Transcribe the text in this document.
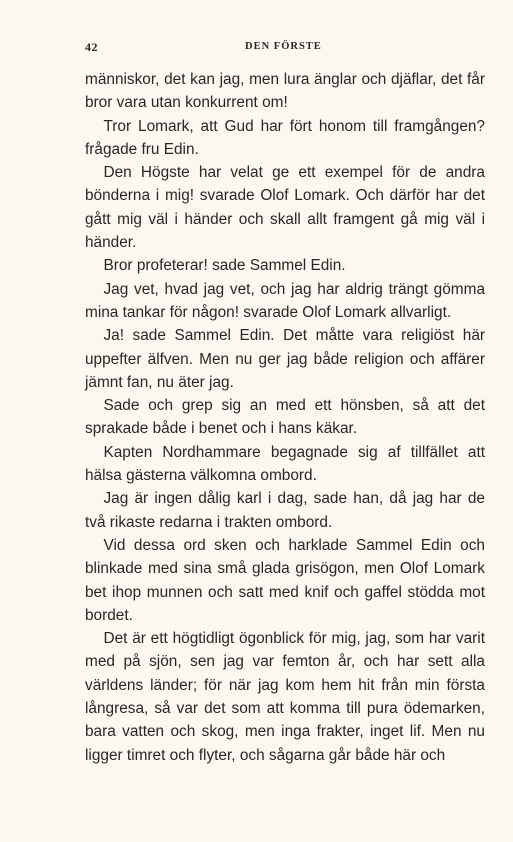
42	DEN FÖRSTE

människor, det kan jag, men lura änglar och djäflar, det får bror vara utan konkurrent om!

Tror Lomark, att Gud har fört honom till framgången? frågade fru Edin.

Den Högste har velat ge ett exempel för de andra bönderna i mig! svarade Olof Lomark. Och därför har det gått mig väl i händer och skall allt framgent gå mig väl i händer.

Bror profeterar! sade Sammel Edin.

Jag vet, hvad jag vet, och jag har aldrig trängt gömma mina tankar för någon! svarade Olof Lomark allvarligt.

Ja! sade Sammel Edin. Det måtte vara religiöst här uppefter älfven. Men nu ger jag både religion och affärer jämnt fan, nu äter jag.

Sade och grep sig an med ett hönsben, så att det sprakade både i benet och i hans käkar.

Kapten Nordhammare begagnade sig af tillfället att hälsa gästerna välkomna ombord.

Jag är ingen dålig karl i dag, sade han, då jag har de två rikaste redarna i trakten ombord.

Vid dessa ord sken och harklade Sammel Edin och blinkade med sina små glada grisögon, men Olof Lomark bet ihop munnen och satt med knif och gaffel stödda mot bordet.

Det är ett högtidligt ögonblick för mig, jag, som har varit med på sjön, sen jag var femton år, och har sett alla världens länder; för när jag kom hem hit från min första långresa, så var det som att komma till pura ödemarken, bara vatten och skog, men inga frakter, inget lif. Men nu ligger timret och flyter, och sågarna går både här och
